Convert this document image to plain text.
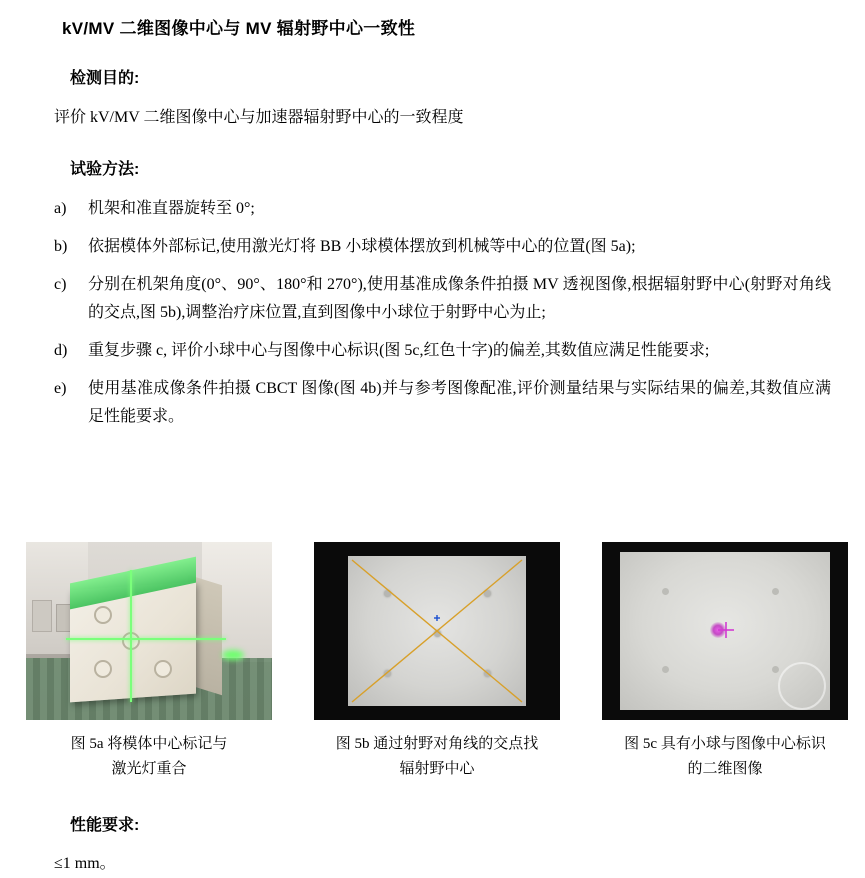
kV/MV 二维图像中心与 MV 辐射野中心一致性
检测目的:
评价 kV/MV 二维图像中心与加速器辐射野中心的一致程度
试验方法:
a)	机架和准直器旋转至 0°;
b)	依据模体外部标记,使用激光灯将 BB 小球模体摆放到机械等中心的位置(图 5a);
c)	分别在机架角度(0°、90°、180°和 270°),使用基准成像条件拍摄 MV 透视图像,根据辐射野中心(射野对角线的交点,图 5b),调整治疗床位置,直到图像中小球位于射野中心为止;
d)	重复步骤 c, 评价小球中心与图像中心标识(图 5c,红色十字)的偏差,其数值应满足性能要求;
e)	使用基准成像条件拍摄 CBCT 图像(图 4b)并与参考图像配准,评价测量结果与实际结果的偏差,其数值应满足性能要求。
图 5a 将模体中心标记与
激光灯重合
图 5b 通过射野对角线的交点找
辐射野中心
图 5c 具有小球与图像中心标识
的二维图像
性能要求:
≤1 mm。
